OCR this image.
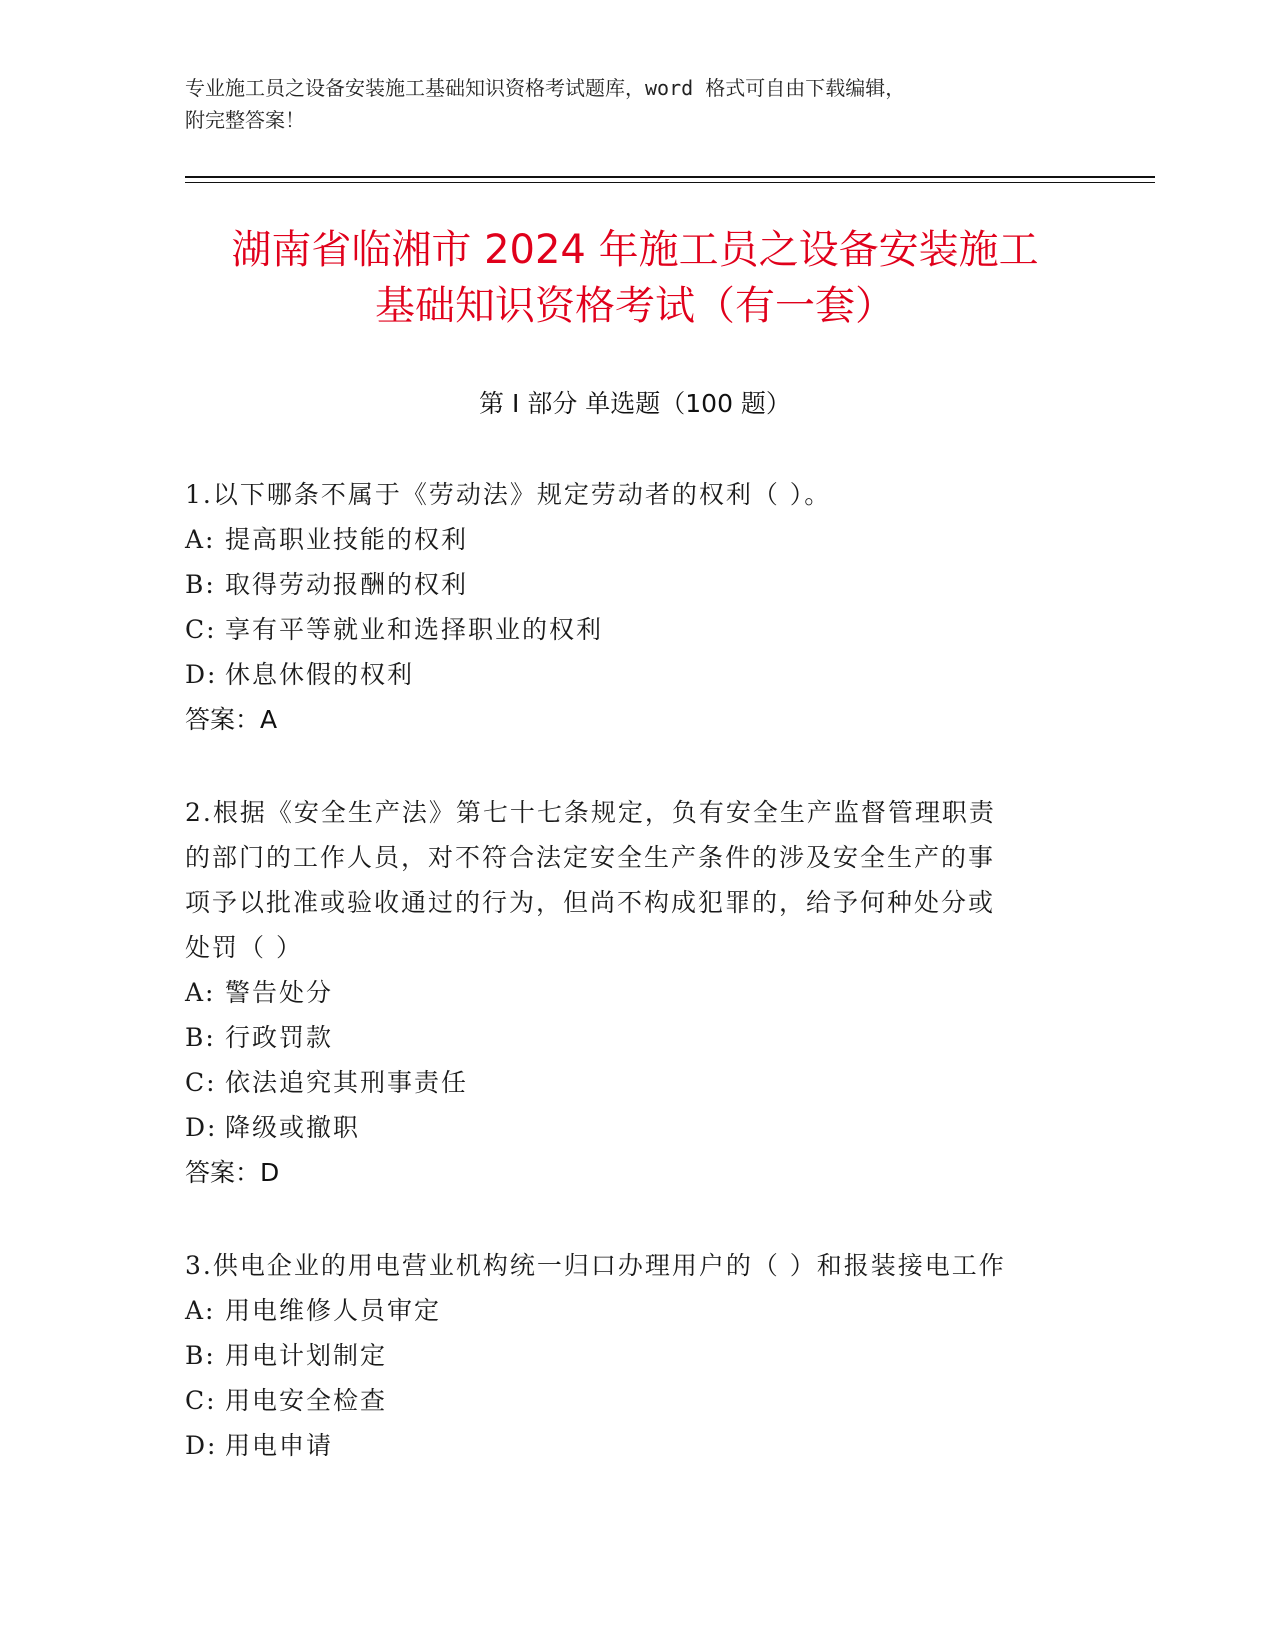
专业施工员之设备安装施工基础知识资格考试题库，word 格式可自由下载编辑，
附完整答案！
湖南省临湘市 2024 年施工员之设备安装施工
基础知识资格考试（有一套）
第 I 部分 单选题（100 题）
1.以下哪条不属于《劳动法》规定劳动者的权利（ ）。
A: 提高职业技能的权利
B: 取得劳动报酬的权利
C: 享有平等就业和选择职业的权利
D: 休息休假的权利
答案：A
2.根据《安全生产法》第七十七条规定，负有安全生产监督管理职责
的部门的工作人员，对不符合法定安全生产条件的涉及安全生产的事
项予以批准或验收通过的行为，但尚不构成犯罪的，给予何种处分或
处罚（ ）
A: 警告处分
B: 行政罚款
C: 依法追究其刑事责任
D: 降级或撤职
答案：D
3.供电企业的用电营业机构统一归口办理用户的（ ）和报装接电工作
A: 用电维修人员审定
B: 用电计划制定
C: 用电安全检查
D: 用电申请
